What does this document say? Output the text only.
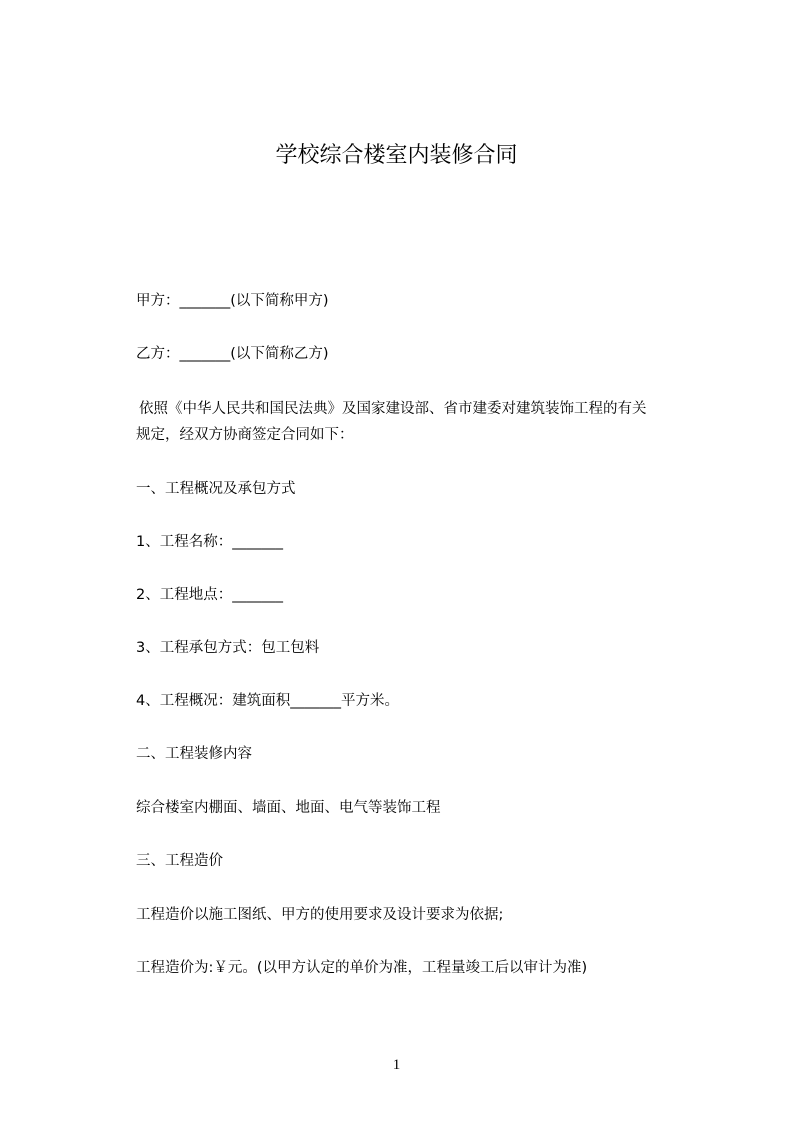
学校综合楼室内装修合同
甲方：_______(以下简称甲方)
乙方：_______(以下简称乙方)
依照《中华人民共和国民法典》及国家建设部、省市建委对建筑装饰工程的有关
规定，经双方协商签定合同如下：
一、工程概况及承包方式
1、工程名称：_______
2、工程地点：_______
3、工程承包方式：包工包料
4、工程概况：建筑面积_______平方米。
二、工程装修内容
综合楼室内棚面、墙面、地面、电气等装饰工程
三、工程造价
工程造价以施工图纸、甲方的使用要求及设计要求为依据;
工程造价为:￥元。(以甲方认定的单价为准，工程量竣工后以审计为准)
1
